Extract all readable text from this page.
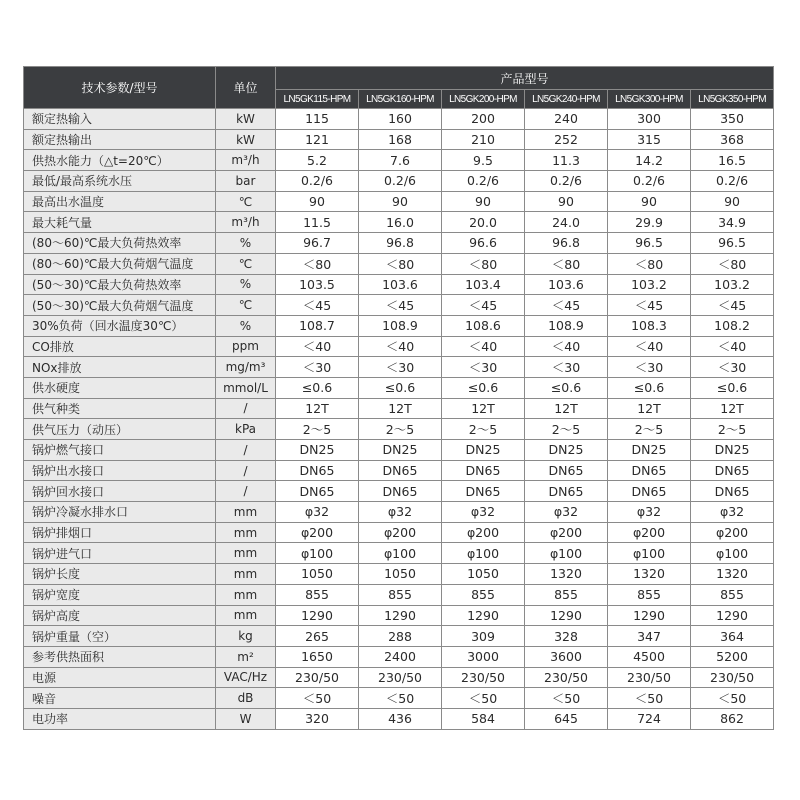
技术参数/型号	单位	产品型号					
		LN5GK115-HPM	LN5GK160-HPM	LN5GK200-HPM	LN5GK240-HPM	LN5GK300-HPM	LN5GK350-HPM
额定热输入	kW	115	160	200	240	300	350
额定热输出	kW	121	168	210	252	315	368
供热水能力（△t=20℃）	m³/h	5.2	7.6	9.5	11.3	14.2	16.5
最低/最高系统水压	bar	0.2/6	0.2/6	0.2/6	0.2/6	0.2/6	0.2/6
最高出水温度	℃	90	90	90	90	90	90
最大耗气量	m³/h	11.5	16.0	20.0	24.0	29.9	34.9
(80～60)℃最大负荷热效率	%	96.7	96.8	96.6	96.8	96.5	96.5
(80～60)℃最大负荷烟气温度	℃	＜80	＜80	＜80	＜80	＜80	＜80
(50～30)℃最大负荷热效率	%	103.5	103.6	103.4	103.6	103.2	103.2
(50～30)℃最大负荷烟气温度	℃	＜45	＜45	＜45	＜45	＜45	＜45
30%负荷（回水温度30℃）	%	108.7	108.9	108.6	108.9	108.3	108.2
CO排放	ppm	＜40	＜40	＜40	＜40	＜40	＜40
NOx排放	mg/m³	＜30	＜30	＜30	＜30	＜30	＜30
供水硬度	mmol/L	≤0.6	≤0.6	≤0.6	≤0.6	≤0.6	≤0.6
供气种类	/	12T	12T	12T	12T	12T	12T
供气压力（动压）	kPa	2～5	2～5	2～5	2～5	2～5	2～5
锅炉燃气接口	/	DN25	DN25	DN25	DN25	DN25	DN25
锅炉出水接口	/	DN65	DN65	DN65	DN65	DN65	DN65
锅炉回水接口	/	DN65	DN65	DN65	DN65	DN65	DN65
锅炉冷凝水排水口	mm	φ32	φ32	φ32	φ32	φ32	φ32
锅炉排烟口	mm	φ200	φ200	φ200	φ200	φ200	φ200
锅炉进气口	mm	φ100	φ100	φ100	φ100	φ100	φ100
锅炉长度	mm	1050	1050	1050	1320	1320	1320
锅炉宽度	mm	855	855	855	855	855	855
锅炉高度	mm	1290	1290	1290	1290	1290	1290
锅炉重量（空）	kg	265	288	309	328	347	364
参考供热面积	m²	1650	2400	3000	3600	4500	5200
电源	VAC/Hz	230/50	230/50	230/50	230/50	230/50	230/50
噪音	dB	＜50	＜50	＜50	＜50	＜50	＜50
电功率	W	320	436	584	645	724	862
